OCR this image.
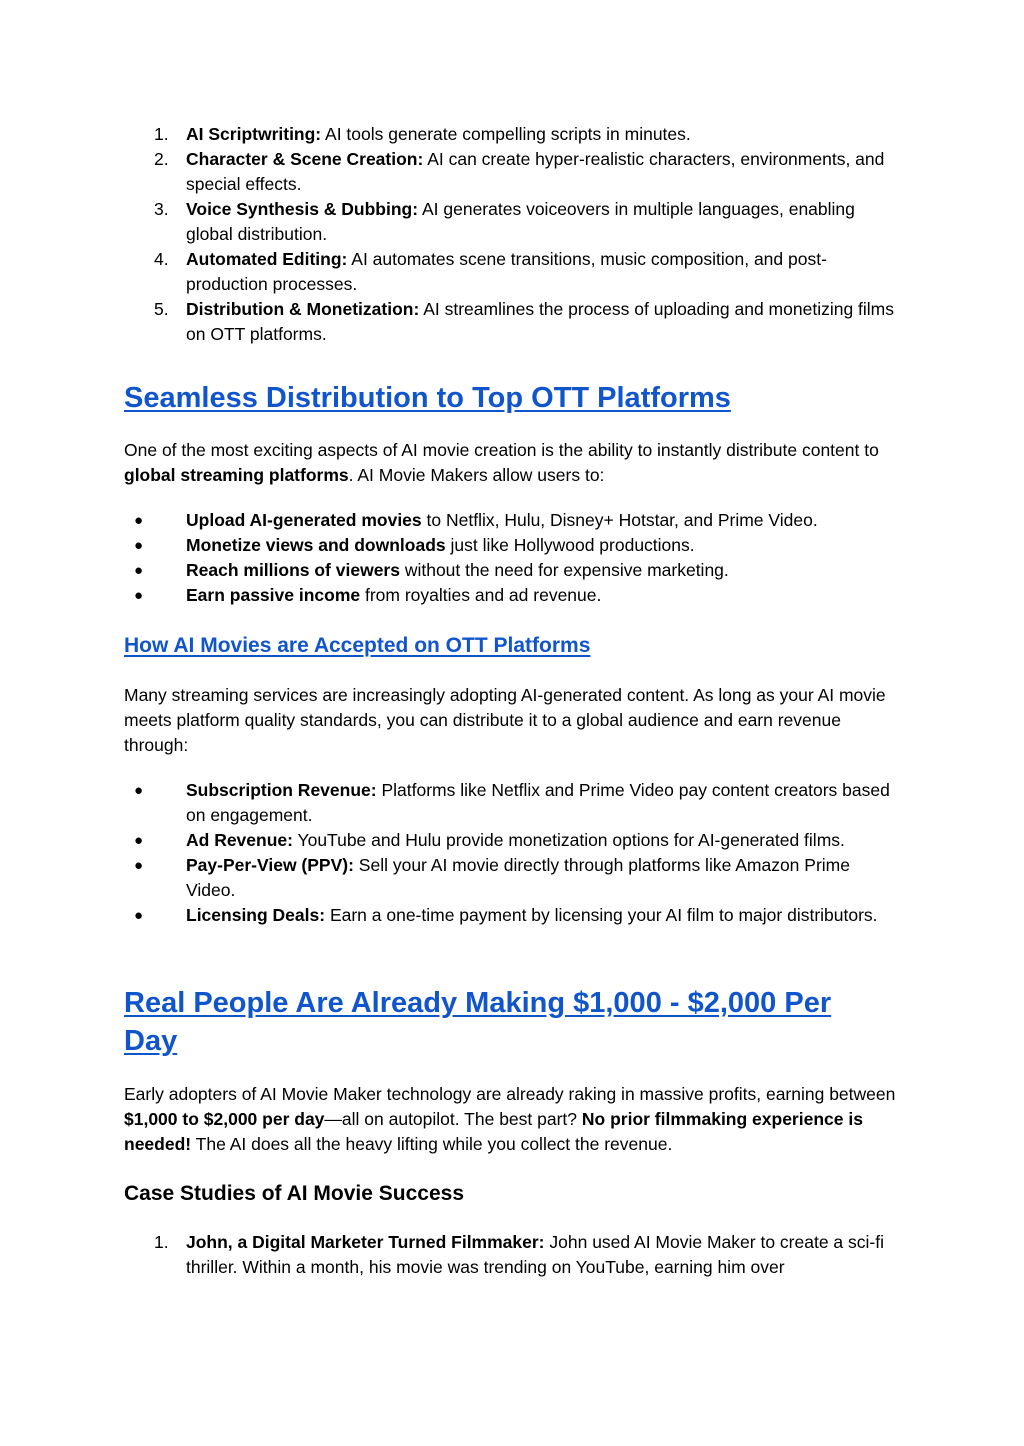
1. AI Scriptwriting: AI tools generate compelling scripts in minutes.
2. Character & Scene Creation: AI can create hyper-realistic characters, environments, and special effects.
3. Voice Synthesis & Dubbing: AI generates voiceovers in multiple languages, enabling global distribution.
4. Automated Editing: AI automates scene transitions, music composition, and post-production processes.
5. Distribution & Monetization: AI streamlines the process of uploading and monetizing films on OTT platforms.
Seamless Distribution to Top OTT Platforms

One of the most exciting aspects of AI movie creation is the ability to instantly distribute content to global streaming platforms. AI Movie Makers allow users to:

● Upload AI-generated movies to Netflix, Hulu, Disney+ Hotstar, and Prime Video.
● Monetize views and downloads just like Hollywood productions.
● Reach millions of viewers without the need for expensive marketing.
● Earn passive income from royalties and ad revenue.
How AI Movies are Accepted on OTT Platforms

Many streaming services are increasingly adopting AI-generated content. As long as your AI movie meets platform quality standards, you can distribute it to a global audience and earn revenue through:

● Subscription Revenue: Platforms like Netflix and Prime Video pay content creators based on engagement.
● Ad Revenue: YouTube and Hulu provide monetization options for AI-generated films.
● Pay-Per-View (PPV): Sell your AI movie directly through platforms like Amazon Prime Video.
● Licensing Deals: Earn a one-time payment by licensing your AI film to major distributors.
Real People Are Already Making $1,000 - $2,000 Per
Day

Early adopters of AI Movie Maker technology are already raking in massive profits, earning between $1,000 to $2,000 per day—all on autopilot. The best part? No prior filmmaking experience is needed! The AI does all the heavy lifting while you collect the revenue.

Case Studies of AI Movie Success
1. John, a Digital Marketer Turned Filmmaker: John used AI Movie Maker to create a sci-fi thriller. Within a month, his movie was trending on YouTube, earning him over
